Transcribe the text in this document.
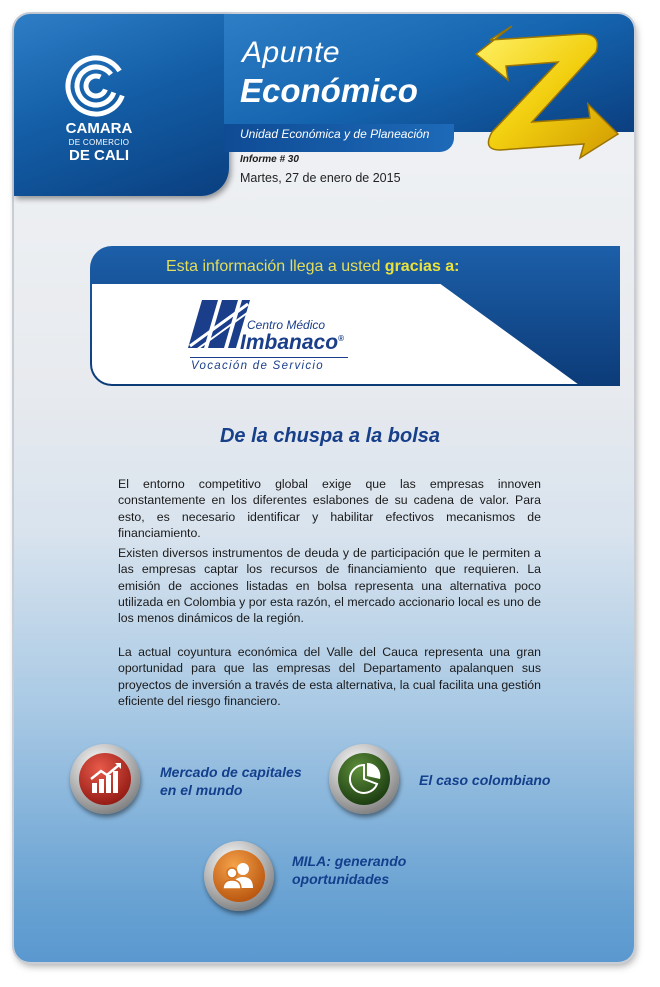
CAMARA
DE COMERCIO
DE CALI
Apunte
Económico
Unidad Económica y de Planeación
Informe # 30
Martes, 27 de enero de 2015
Esta información llega a usted gracias a:
Centro Médico
Imbanaco®
Vocación de Servicio
De la chuspa a la bolsa
El entorno competitivo global exige que las empresas innoven constantemente en los diferentes eslabones de su cadena de valor. Para esto, es necesario identificar y habilitar efectivos mecanismos de financiamiento.
Existen diversos instrumentos de deuda y de participación que le permiten a las empresas captar los recursos de financiamiento que requieren. La emisión de acciones listadas en bolsa representa una alternativa poco utilizada en Colombia y por esta razón, el mercado accionario local es uno de los menos dinámicos de la región.
La actual coyuntura económica del Valle del Cauca representa una gran oportunidad para que las empresas del Departamento apalanquen sus proyectos de inversión a través de esta alternativa, la cual facilita una gestión eficiente del riesgo financiero.
Mercado de capitales
en el mundo
El caso colombiano
MILA: generando
oportunidades
